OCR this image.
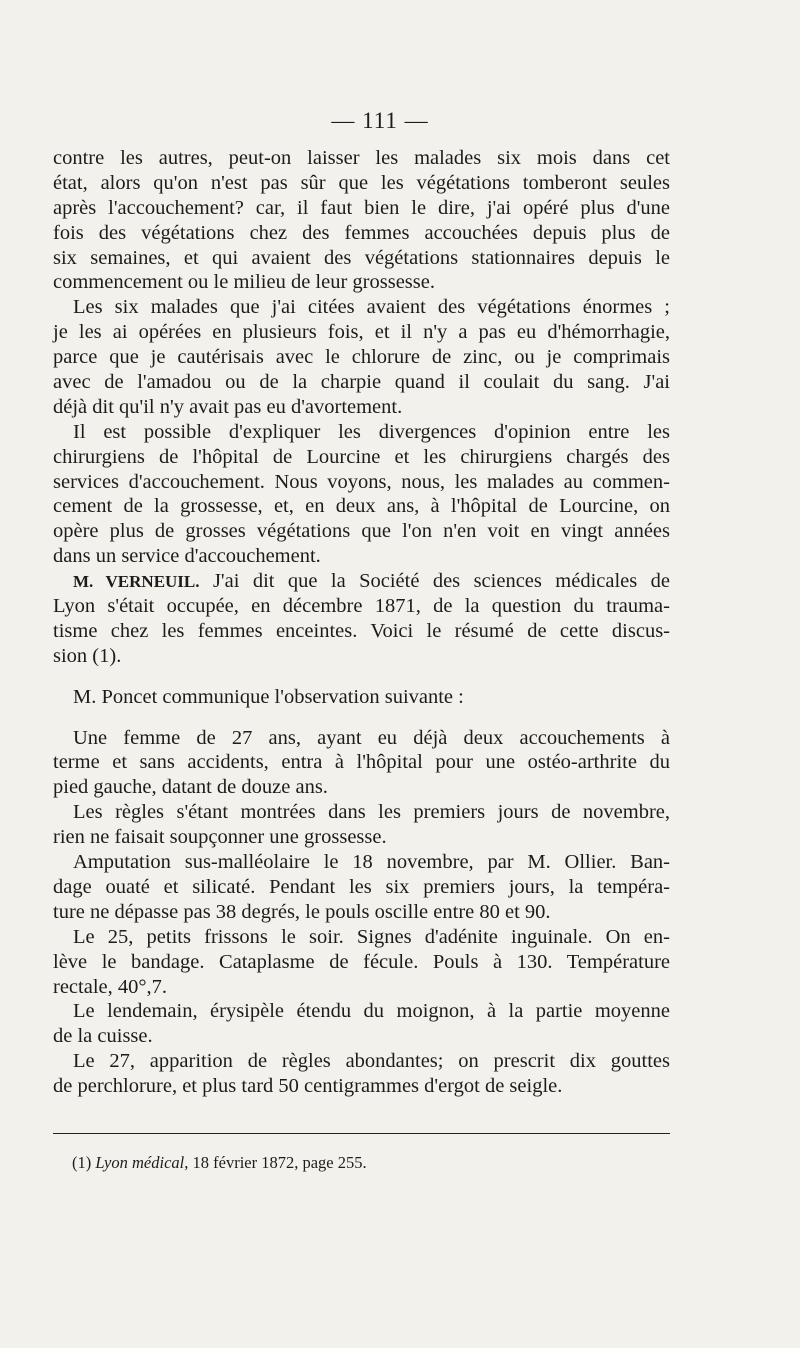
— 111 —
contre les autres, peut-on laisser les malades six mois dans cet
état, alors qu'on n'est pas sûr que les végétations tomberont seules
après l'accouchement? car, il faut bien le dire, j'ai opéré plus d'une
fois des végétations chez des femmes accouchées depuis plus de
six semaines, et qui avaient des végétations stationnaires depuis le
commencement ou le milieu de leur grossesse.
Les six malades que j'ai citées avaient des végétations énormes ;
je les ai opérées en plusieurs fois, et il n'y a pas eu d'hémorrhagie,
parce que je cautérisais avec le chlorure de zinc, ou je comprimais
avec de l'amadou ou de la charpie quand il coulait du sang. J'ai
déjà dit qu'il n'y avait pas eu d'avortement.
Il est possible d'expliquer les divergences d'opinion entre les
chirurgiens de l'hôpital de Lourcine et les chirurgiens chargés des
services d'accouchement. Nous voyons, nous, les malades au commen-
cement de la grossesse, et, en deux ans, à l'hôpital de Lourcine, on
opère plus de grosses végétations que l'on n'en voit en vingt années
dans un service d'accouchement.
M. VERNEUIL. J'ai dit que la Société des sciences médicales de
Lyon s'était occupée, en décembre 1871, de la question du trauma-
tisme chez les femmes enceintes. Voici le résumé de cette discus-
sion (1).
M. Poncet communique l'observation suivante :
Une femme de 27 ans, ayant eu déjà deux accouchements à
terme et sans accidents, entra à l'hôpital pour une ostéo-arthrite du
pied gauche, datant de douze ans.
Les règles s'étant montrées dans les premiers jours de novembre,
rien ne faisait soupçonner une grossesse.
Amputation sus-malléolaire le 18 novembre, par M. Ollier. Ban-
dage ouaté et silicaté. Pendant les six premiers jours, la tempéra-
ture ne dépasse pas 38 degrés, le pouls oscille entre 80 et 90.
Le 25, petits frissons le soir. Signes d'adénite inguinale. On en-
lève le bandage. Cataplasme de fécule. Pouls à 130. Température
rectale, 40°,7.
Le lendemain, érysipèle étendu du moignon, à la partie moyenne
de la cuisse.
Le 27, apparition de règles abondantes; on prescrit dix gouttes
de perchlorure, et plus tard 50 centigrammes d'ergot de seigle.
(1) Lyon médical, 18 février 1872, page 255.
